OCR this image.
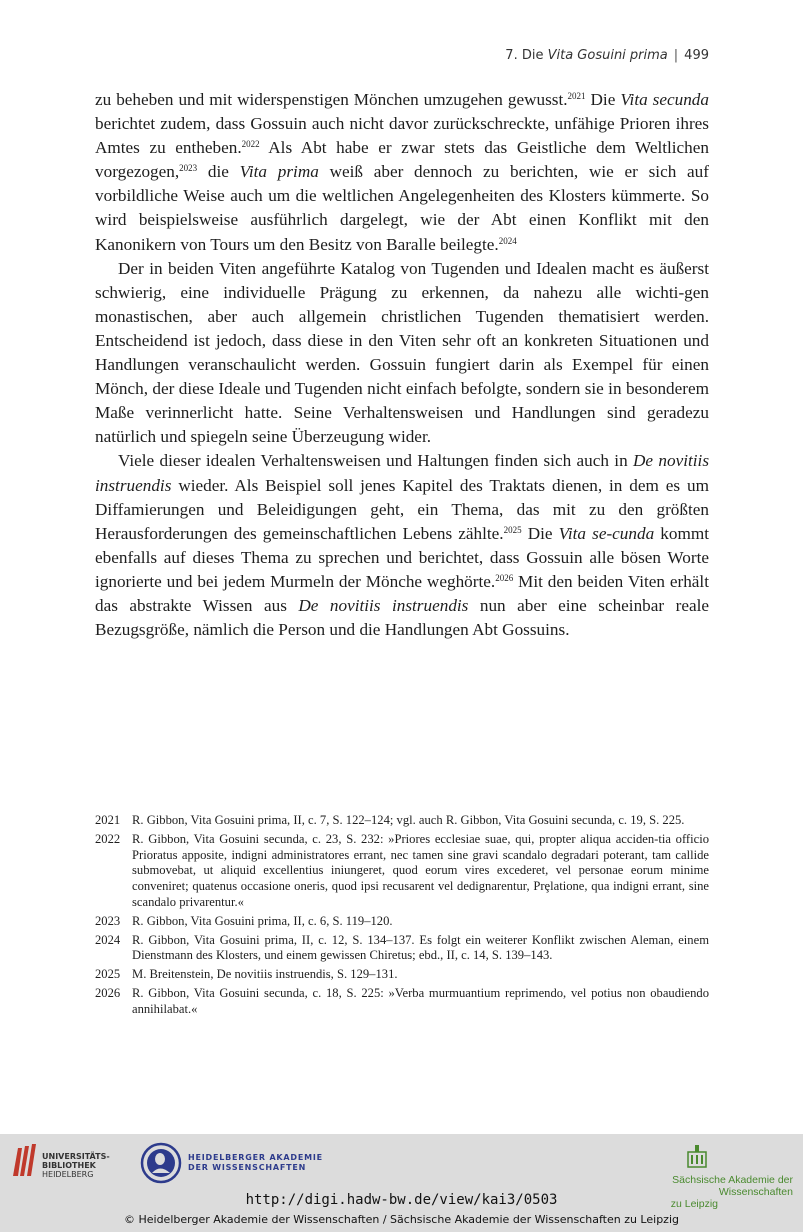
7. Die Vita Gosuini prima | 499

zu beheben und mit widerspenstigen Mönchen umzugehen gewusst.$^{2021}$ Die Vita secunda berichtet zudem, dass Gossuin auch nicht davor zurückschreckte, unfähige Prioren ihres Amtes zu entheben.$^{2022}$ Als Abt habe er zwar stets das Geistliche dem Weltlichen vorgezogen,$^{2023}$ die Vita prima weiß aber dennoch zu berichten, wie er sich auf vorbildliche Weise auch um die weltlichen Angelegenheiten des Klosters kümmerte. So wird beispielsweise ausführlich dargelegt, wie der Abt einen Konflikt mit den Kanonikern von Tours um den Besitz von Baralle beilegte.$^{2024}$

Der in beiden Viten angeführte Katalog von Tugenden und Idealen macht es äußerst schwierig, eine individuelle Prägung zu erkennen, da nahezu alle wichti-gen monastischen, aber auch allgemein christlichen Tugenden thematisiert werden. Entscheidend ist jedoch, dass diese in den Viten sehr oft an konkreten Situationen und Handlungen veranschaulicht werden. Gossuin fungiert darin als Exempel für einen Mönch, der diese Ideale und Tugenden nicht einfach befolgte, sondern sie in besonderem Maße verinnerlicht hatte. Seine Verhaltensweisen und Handlungen sind geradezu natürlich und spiegeln seine Überzeugung wider.

Viele dieser idealen Verhaltensweisen und Haltungen finden sich auch in De novitiis instruendis wieder. Als Beispiel soll jenes Kapitel des Traktats dienen, in dem es um Diffamierungen und Beleidigungen geht, ein Thema, das mit zu den größten Herausforderungen des gemeinschaftlichen Lebens zählte.$^{2025}$ Die Vita se-cunda kommt ebenfalls auf dieses Thema zu sprechen und berichtet, dass Gossuin alle bösen Worte ignorierte und bei jedem Murmeln der Mönche weghörte.$^{2026}$ Mit den beiden Viten erhält das abstrakte Wissen aus De novitiis instruendis nun aber eine scheinbar reale Bezugsgröße, nämlich die Person und die Handlungen Abt Gossuins.

2021 R. Gibbon, Vita Gosuini prima, II, c. 7, S. 122–124; vgl. auch R. Gibbon, Vita Gosuini secunda, c. 19, S. 225.
2022 R. Gibbon, Vita Gosuini secunda, c. 23, S. 232: »Priores ecclesiae suae, qui, propter aliqua acciden-tia officio Prioratus apposite, indigni administratores errant, nec tamen sine gravi scandalo degradari poterant, tam callide submovebat, ut aliquid excellentius iniungeret, quod eorum vires excederet, vel personae eorum minime conveniret; quatenus occasione oneris, quod ipsi recusarent vel dedignarentur, Prȩlatione, qua indigni errant, sine scandalo privarentur.«
2023 R. Gibbon, Vita Gosuini prima, II, c. 6, S. 119–120.
2024 R. Gibbon, Vita Gosuini prima, II, c. 12, S. 134–137. Es folgt ein weiterer Konflikt zwischen Aleman, einem Dienstmann des Klosters, und einem gewissen Chiretus; ebd., II, c. 14, S. 139–143.
2025 M. Breitenstein, De novitiis instruendis, S. 129–131.
2026 R. Gibbon, Vita Gosuini secunda, c. 18, S. 225: »Verba murmuantium reprimendo, vel potius non obaudiendo annihilabat.«
UNIVERSITÄTS-
BIBLIOTHEK
HEIDELBERG
HEIDELBERGER AKADEMIE
DER WISSENSCHAFTEN
Sächsische Akademie der Wissenschaften
zu Leipzig
http://digi.hadw-bw.de/view/kai3/0503
© Heidelberger Akademie der Wissenschaften / Sächsische Akademie der Wissenschaften zu Leipzig
